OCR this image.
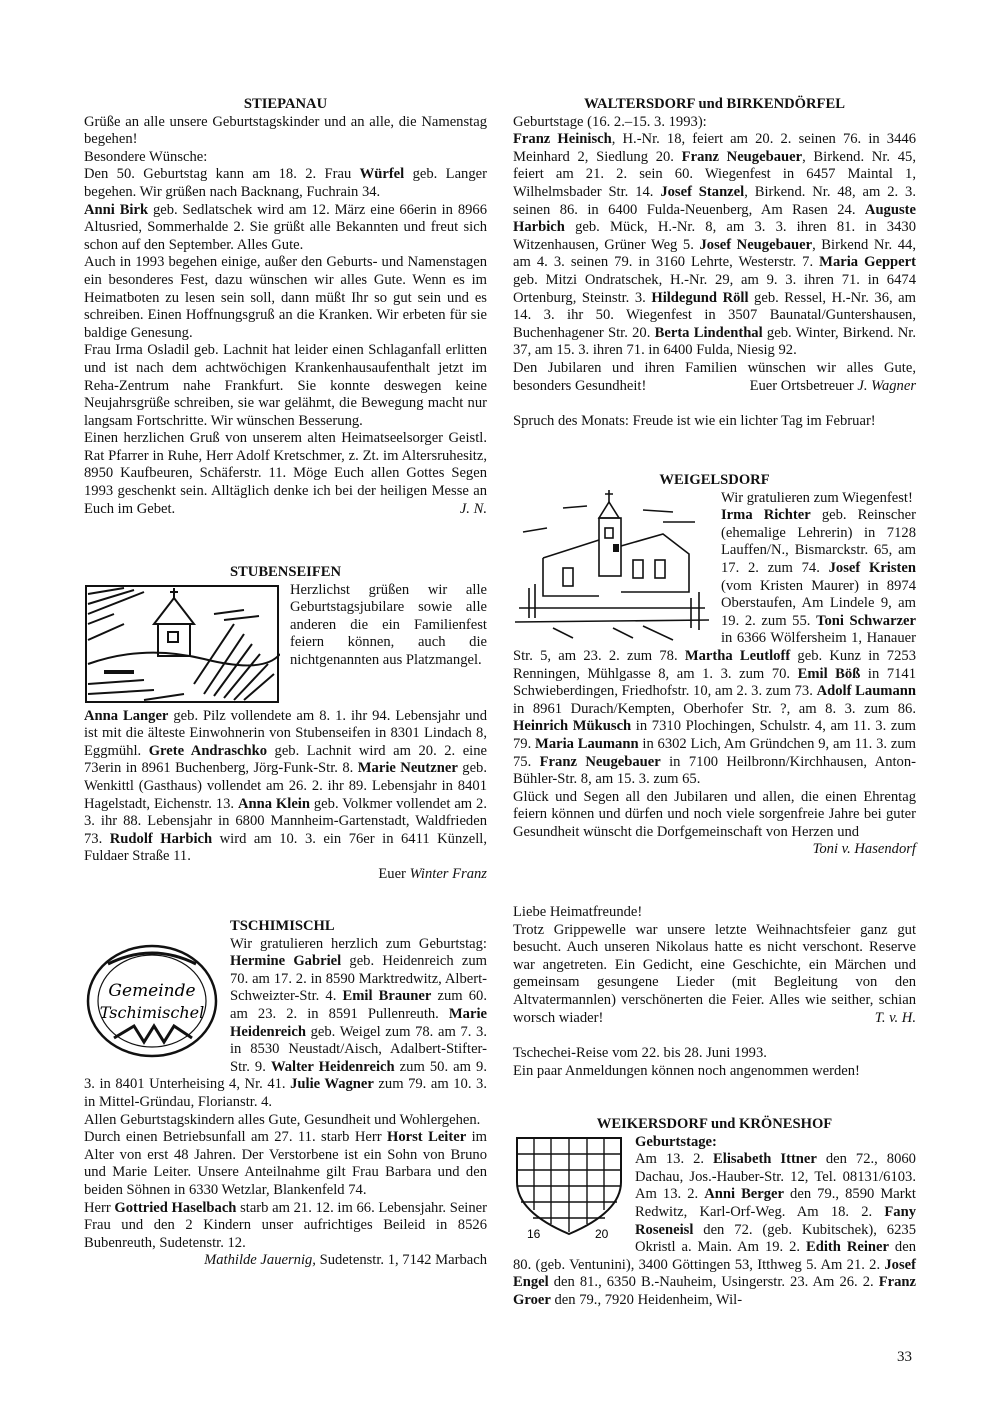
STIEPANAU

Grüße an alle unsere Geburtstagskinder und an alle, die Namenstag begehen!

Besondere Wünsche:

Den 50. Geburtstag kann am 18. 2. Frau Würfel geb. Langer begehen. Wir grüßen nach Backnang, Fuchrain 34.

Anni Birk geb. Sedlatschek wird am 12. März eine 66erin in 8966 Altusried, Sommerhalde 2. Sie grüßt alle Bekannten und freut sich schon auf den September. Alles Gute.

Auch in 1993 begehen einige, außer den Geburts- und Namenstagen ein besonderes Fest, dazu wünschen wir alles Gute. Wenn es im Heimatboten zu lesen sein soll, dann müßt Ihr so gut sein und es schreiben. Einen Hoffnungsgruß an die Kranken. Wir erbeten für sie baldige Genesung.

Frau Irma Osladil geb. Lachnit hat leider einen Schlaganfall erlitten und ist nach dem achtwöchigen Krankenhausaufenthalt jetzt im Reha-Zentrum nahe Frankfurt. Sie konnte deswegen keine Neujahrsgrüße schreiben, sie war gelähmt, die Bewegung macht nur langsam Fortschritte. Wir wünschen Besserung.

Einen herzlichen Gruß von unserem alten Heimatseelsorger Geistl. Rat Pfarrer in Ruhe, Herr Adolf Kretschmer, z. Zt. im Altersruhesitz, 8950 Kaufbeuren, Schäferstr. 11. Möge Euch allen Gottes Segen 1993 geschenkt sein. Alltäglich denke ich bei der heiligen Messe an Euch im Gebet.	J. N.

STUBENSEIFEN

Herzlichst grüßen wir alle Geburtstagsjubilare sowie alle anderen die ein Familienfest feiern können, auch die nichtgenannten aus Platzmangel.

Anna Langer geb. Pilz vollendete am 8. 1. ihr 94. Lebensjahr und ist mit die älteste Einwohnerin von Stubenseifen in 8301 Lindach 8, Eggmühl. Grete Andraschko geb. Lachnit wird am 20. 2. eine 73erin in 8961 Buchenberg, Jörg-Funk-Str. 8. Marie Neutzner geb. Wenkittl (Gasthaus) vollendet am 26. 2. ihr 89. Lebensjahr in 8401 Hagelstadt, Eichenstr. 13. Anna Klein geb. Volkmer vollendet am 2. 3. ihr 88. Lebensjahr in 6800 Mannheim-Gartenstadt, Waldfrieden 73. Rudolf Harbich wird am 10. 3. ein 76er in 6411 Künzell, Fuldaer Straße 11.

Euer Winter Franz
TSCHIMISCHL
Gemeinde
Tschimischel

Wir gratulieren herzlich zum Geburtstag: Hermine Gabriel geb. Heidenreich zum 70. am 17. 2. in 8590 Marktredwitz, Albert-Schweizter-Str. 4. Emil Brauner zum 60. am 23. 2. in 8591 Pullenreuth. Marie Heidenreich geb. Weigel zum 78. am 7. 3. in 8530 Neustadt/Aisch, Adalbert-Stifter-Str. 9. Walter Heidenreich zum 50. am 9. 3. in 8401 Unterheising 4, Nr. 41. Julie Wagner zum 79. am 10. 3. in Mittel-Gründau, Florianstr. 4.

Allen Geburtstagskindern alles Gute, Gesundheit und Wohlergehen.

Durch einen Betriebsunfall am 27. 11. starb Herr Horst Leiter im Alter von erst 48 Jahren. Der Verstorbene ist ein Sohn von Bruno und Marie Leiter. Unsere Anteilnahme gilt Frau Barbara und den beiden Söhnen in 6330 Wetzlar, Blankenfeld 74.

Herr Gottried Haselbach starb am 21. 12. im 66. Lebensjahr. Seiner Frau und den 2 Kindern unser aufrichtiges Beileid in 8526 Bubenreuth, Sudetenstr. 12.

Mathilde Jauernig, Sudetenstr. 1, 7142 Marbach
WALTERSDORF und BIRKENDÖRFEL

Geburtstage (16. 2.–15. 3. 1993):

Franz Heinisch, H.-Nr. 18, feiert am 20. 2. seinen 76. in 3446 Meinhard 2, Siedlung 20. Franz Neugebauer, Birkend. Nr. 45, feiert am 21. 2. sein 60. Wiegenfest in 6457 Maintal 1, Wilhelmsbader Str. 14. Josef Stanzel, Birkend. Nr. 48, am 2. 3. seinen 86. in 6400 Fulda-Neuenberg, Am Rasen 24. Auguste Harbich geb. Mück, H.-Nr. 8, am 3. 3. ihren 81. in 3430 Witzenhausen, Grüner Weg 5. Josef Neugebauer, Birkend Nr. 44, am 4. 3. seinen 79. in 3160 Lehrte, Westerstr. 7. Maria Geppert geb. Mitzi Ondratschek, H.-Nr. 29, am 9. 3. ihren 71. in 6474 Ortenburg, Steinstr. 3. Hildegund Röll geb. Ressel, H.-Nr. 36, am 14. 3. ihr 50. Wiegenfest in 3507 Baunatal/Guntershausen, Buchenhagener Str. 20. Berta Lindenthal geb. Winter, Birkend. Nr. 37, am 15. 3. ihren 71. in 6400 Fulda, Niesig 92.

Den Jubilaren und ihren Familien wünschen wir alles Gute, besonders Gesundheit!	Euer Ortsbetreuer J. Wagner

Spruch des Monats: Freude ist wie ein lichter Tag im Februar!

WEIGELSDORF

Wir gratulieren zum Wiegenfest!

Irma Richter geb. Reinscher (ehemalige Lehrerin) in 7128 Lauffen/N., Bismarckstr. 65, am 17. 2. zum 74. Josef Kristen (vom Kristen Maurer) in 8974 Oberstaufen, Am Lindele 9, am 19. 2. zum 55. Toni Schwarzer in 6366 Wölfersheim 1, Hanauer Str. 5, am 23. 2. zum 78. Martha Leutloff geb. Kunz in 7253 Renningen, Mühlgasse 8, am 1. 3. zum 70. Emil Böß in 7141 Schwieberdingen, Friedhofstr. 10, am 2. 3. zum 73. Adolf Laumann in 8961 Durach/Kempten, Oberhofer Str. ?, am 8. 3. zum 86. Heinrich Mükusch in 7310 Plochingen, Schulstr. 4, am 11. 3. zum 79. Maria Laumann in 6302 Lich, Am Gründchen 9, am 11. 3. zum 75. Franz Neugebauer in 7100 Heilbronn/Kirchhausen, Anton-Bühler-Str. 8, am 15. 3. zum 65.

Glück und Segen all den Jubilaren und allen, die einen Ehrentag feiern können und dürfen und noch viele sorgenfreie Jahre bei guter Gesundheit wünscht die Dorfgemeinschaft von Herzen und

Toni v. Hasendorf

Liebe Heimatfreunde!

Trotz Grippewelle war unsere letzte Weihnachtsfeier ganz gut besucht. Auch unseren Nikolaus hatte es nicht verschont. Reserve war angetreten. Ein Gedicht, eine Geschichte, ein Märchen und gemeinsam gesungene Lieder (mit Begleitung von den Altvatermannlen) verschönerten die Feier. Alles wie seither, schian worsch wiader!	T. v. H.

Tschechei-Reise vom 22. bis 28. Juni 1993.

Ein paar Anmeldungen können noch angenommen werden!

WEIKERSDORF und KRÖNESHOF
16	20
Geburtstage:

Am 13. 2. Elisabeth Ittner den 72., 8060 Dachau, Jos.-Hauber-Str. 12, Tel. 08131/6103. Am 13. 2. Anni Berger den 79., 8590 Markt Redwitz, Karl-Orf-Weg. Am 18. 2. Fany Roseneisl den 72. (geb. Kubitschek), 6235 Okristl a. Main. Am 19. 2. Edith Reiner den 80. (geb. Ventunini), 3400 Göttingen 53, Itthweg 5. Am 21. 2. Josef Engel den 81., 6350 B.-Nauheim, Usingerstr. 23. Am 26. 2. Franz Groer den 79., 7920 Heidenheim, Wil-

33
